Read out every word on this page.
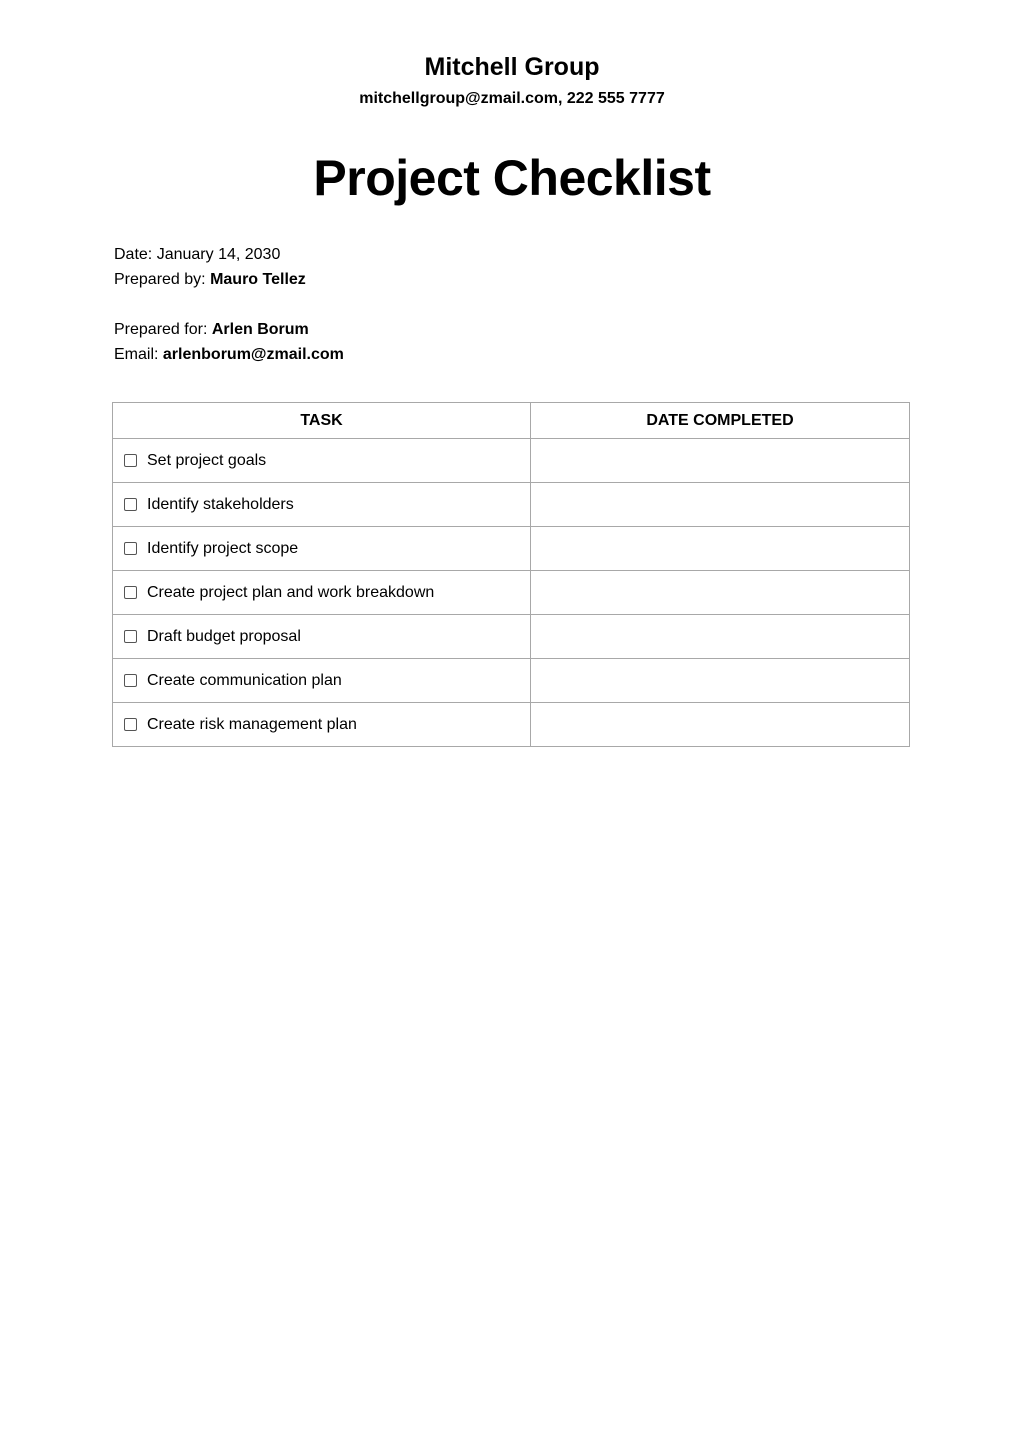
Mitchell Group
mitchellgroup@zmail.com, 222 555 7777
Project Checklist
Date: January 14, 2030
Prepared by: Mauro Tellez
Prepared for: Arlen Borum
Email: arlenborum@zmail.com
TASK	DATE COMPLETED

Set project goals	

Identify stakeholders	

Identify project scope	

Create project plan and work breakdown	

Draft budget proposal	

Create communication plan	

Create risk management plan	
